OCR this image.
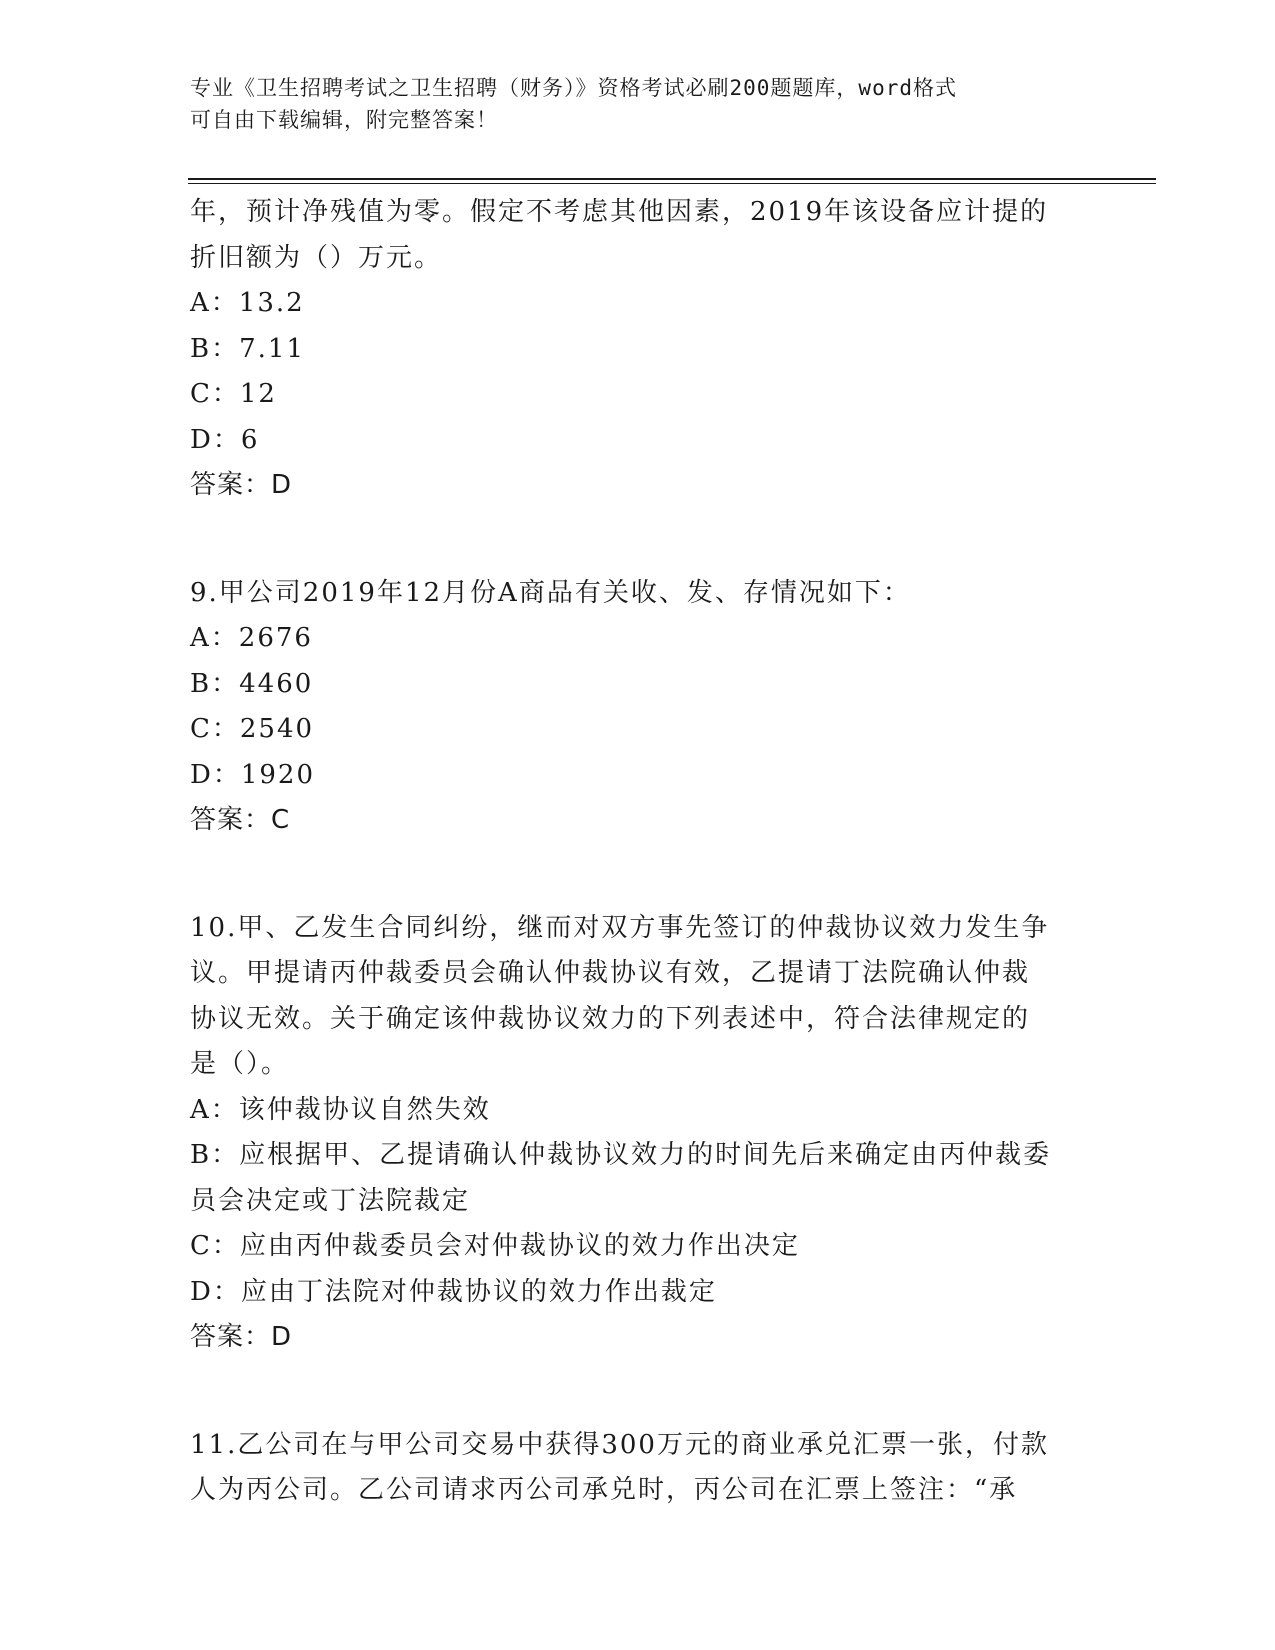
专业《卫生招聘考试之卫生招聘（财务）》资格考试必刷200题题库，word格式
可自由下载编辑，附完整答案！
年，预计净残值为零。假定不考虑其他因素，2019年该设备应计提的
折旧额为（）万元。
A：13.2
B：7.11
C：12
D：6
答案：D
9.甲公司2019年12月份A商品有关收、发、存情况如下：
A：2676
B：4460
C：2540
D：1920
答案：C
10.甲、乙发生合同纠纷，继而对双方事先签订的仲裁协议效力发生争
议。甲提请丙仲裁委员会确认仲裁协议有效，乙提请丁法院确认仲裁
协议无效。关于确定该仲裁协议效力的下列表述中，符合法律规定的
是（）。
A：该仲裁协议自然失效
B：应根据甲、乙提请确认仲裁协议效力的时间先后来确定由丙仲裁委
员会决定或丁法院裁定
C：应由丙仲裁委员会对仲裁协议的效力作出决定
D：应由丁法院对仲裁协议的效力作出裁定
答案：D
11.乙公司在与甲公司交易中获得300万元的商业承兑汇票一张，付款
人为丙公司。乙公司请求丙公司承兑时，丙公司在汇票上签注：“承
